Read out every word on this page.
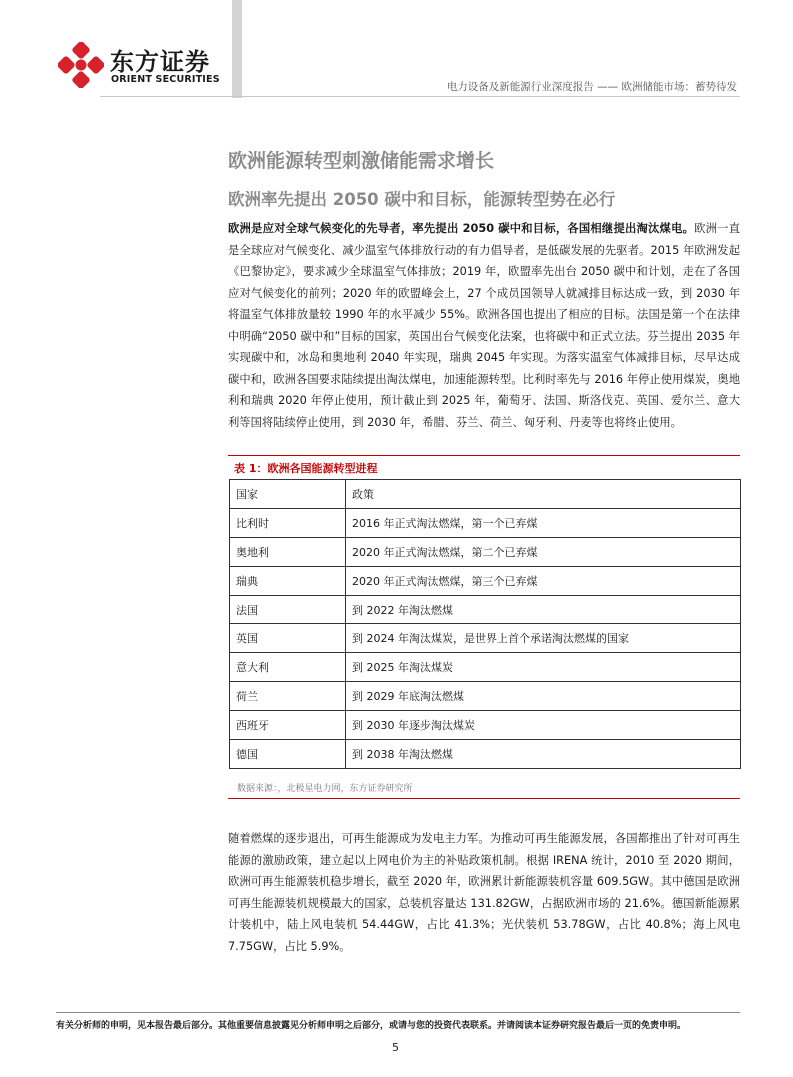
东方证券
ORIENT SECURITIES
电力设备及新能源行业深度报告 —— 欧洲储能市场：蓄势待发
欧洲能源转型刺激储能需求增长
欧洲率先提出 2050 碳中和目标，能源转型势在必行
欧洲是应对全球气候变化的先导者，率先提出 2050 碳中和目标，各国相继提出淘汰煤电。欧洲一直是全球应对气候变化、减少温室气体排放行动的有力倡导者，是低碳发展的先驱者。2015 年欧洲发起《巴黎协定》，要求减少全球温室气体排放；2019 年，欧盟率先出台 2050 碳中和计划，走在了各国应对气候变化的前列；2020 年的欧盟峰会上，27 个成员国领导人就减排目标达成一致，到 2030 年将温室气体排放量较 1990 年的水平减少 55%。欧洲各国也提出了相应的目标。法国是第一个在法律中明确“2050 碳中和”目标的国家，英国出台气候变化法案，也将碳中和正式立法。芬兰提出 2035 年实现碳中和，冰岛和奥地利 2040 年实现，瑞典 2045 年实现。为落实温室气体减排目标，尽早达成碳中和，欧洲各国要求陆续提出淘汰煤电，加速能源转型。比利时率先与 2016 年停止使用煤炭，奥地利和瑞典 2020 年停止使用，预计截止到 2025 年，葡萄牙、法国、斯洛伐克、英国、爱尔兰、意大利等国将陆续停止使用，到 2030 年，希腊、芬兰、荷兰、匈牙利、丹麦等也将终止使用。
表 1：欧洲各国能源转型进程
国家	政策
比利时	2016 年正式淘汰燃煤，第一个已弃煤
奥地利	2020 年正式淘汰燃煤，第二个已弃煤
瑞典	2020 年正式淘汰燃煤，第三个已弃煤
法国	到 2022 年淘汰燃煤
英国	到 2024 年淘汰煤炭，是世界上首个承诺淘汰燃煤的国家
意大利	到 2025 年淘汰煤炭
荷兰	到 2029 年底淘汰燃煤
西班牙	到 2030 年逐步淘汰煤炭
德国	到 2038 年淘汰燃煤
数据来源：，北极星电力网，东方证券研究所
随着燃煤的逐步退出，可再生能源成为发电主力军。为推动可再生能源发展，各国都推出了针对可再生能源的激励政策，建立起以上网电价为主的补贴政策机制。根据 IRENA 统计，2010 至 2020 期间，欧洲可再生能源装机稳步增长，截至 2020 年，欧洲累计新能源装机容量 609.5GW。其中德国是欧洲可再生能源装机规模最大的国家，总装机容量达 131.82GW，占据欧洲市场的 21.6%。德国新能源累计装机中，陆上风电装机 54.44GW，占比 41.3%；光伏装机 53.78GW，占比 40.8%；海上风电 7.75GW，占比 5.9%。
有关分析师的申明，见本报告最后部分。其他重要信息披露见分析师申明之后部分，或请与您的投资代表联系。并请阅读本证券研究报告最后一页的免责申明。
5
